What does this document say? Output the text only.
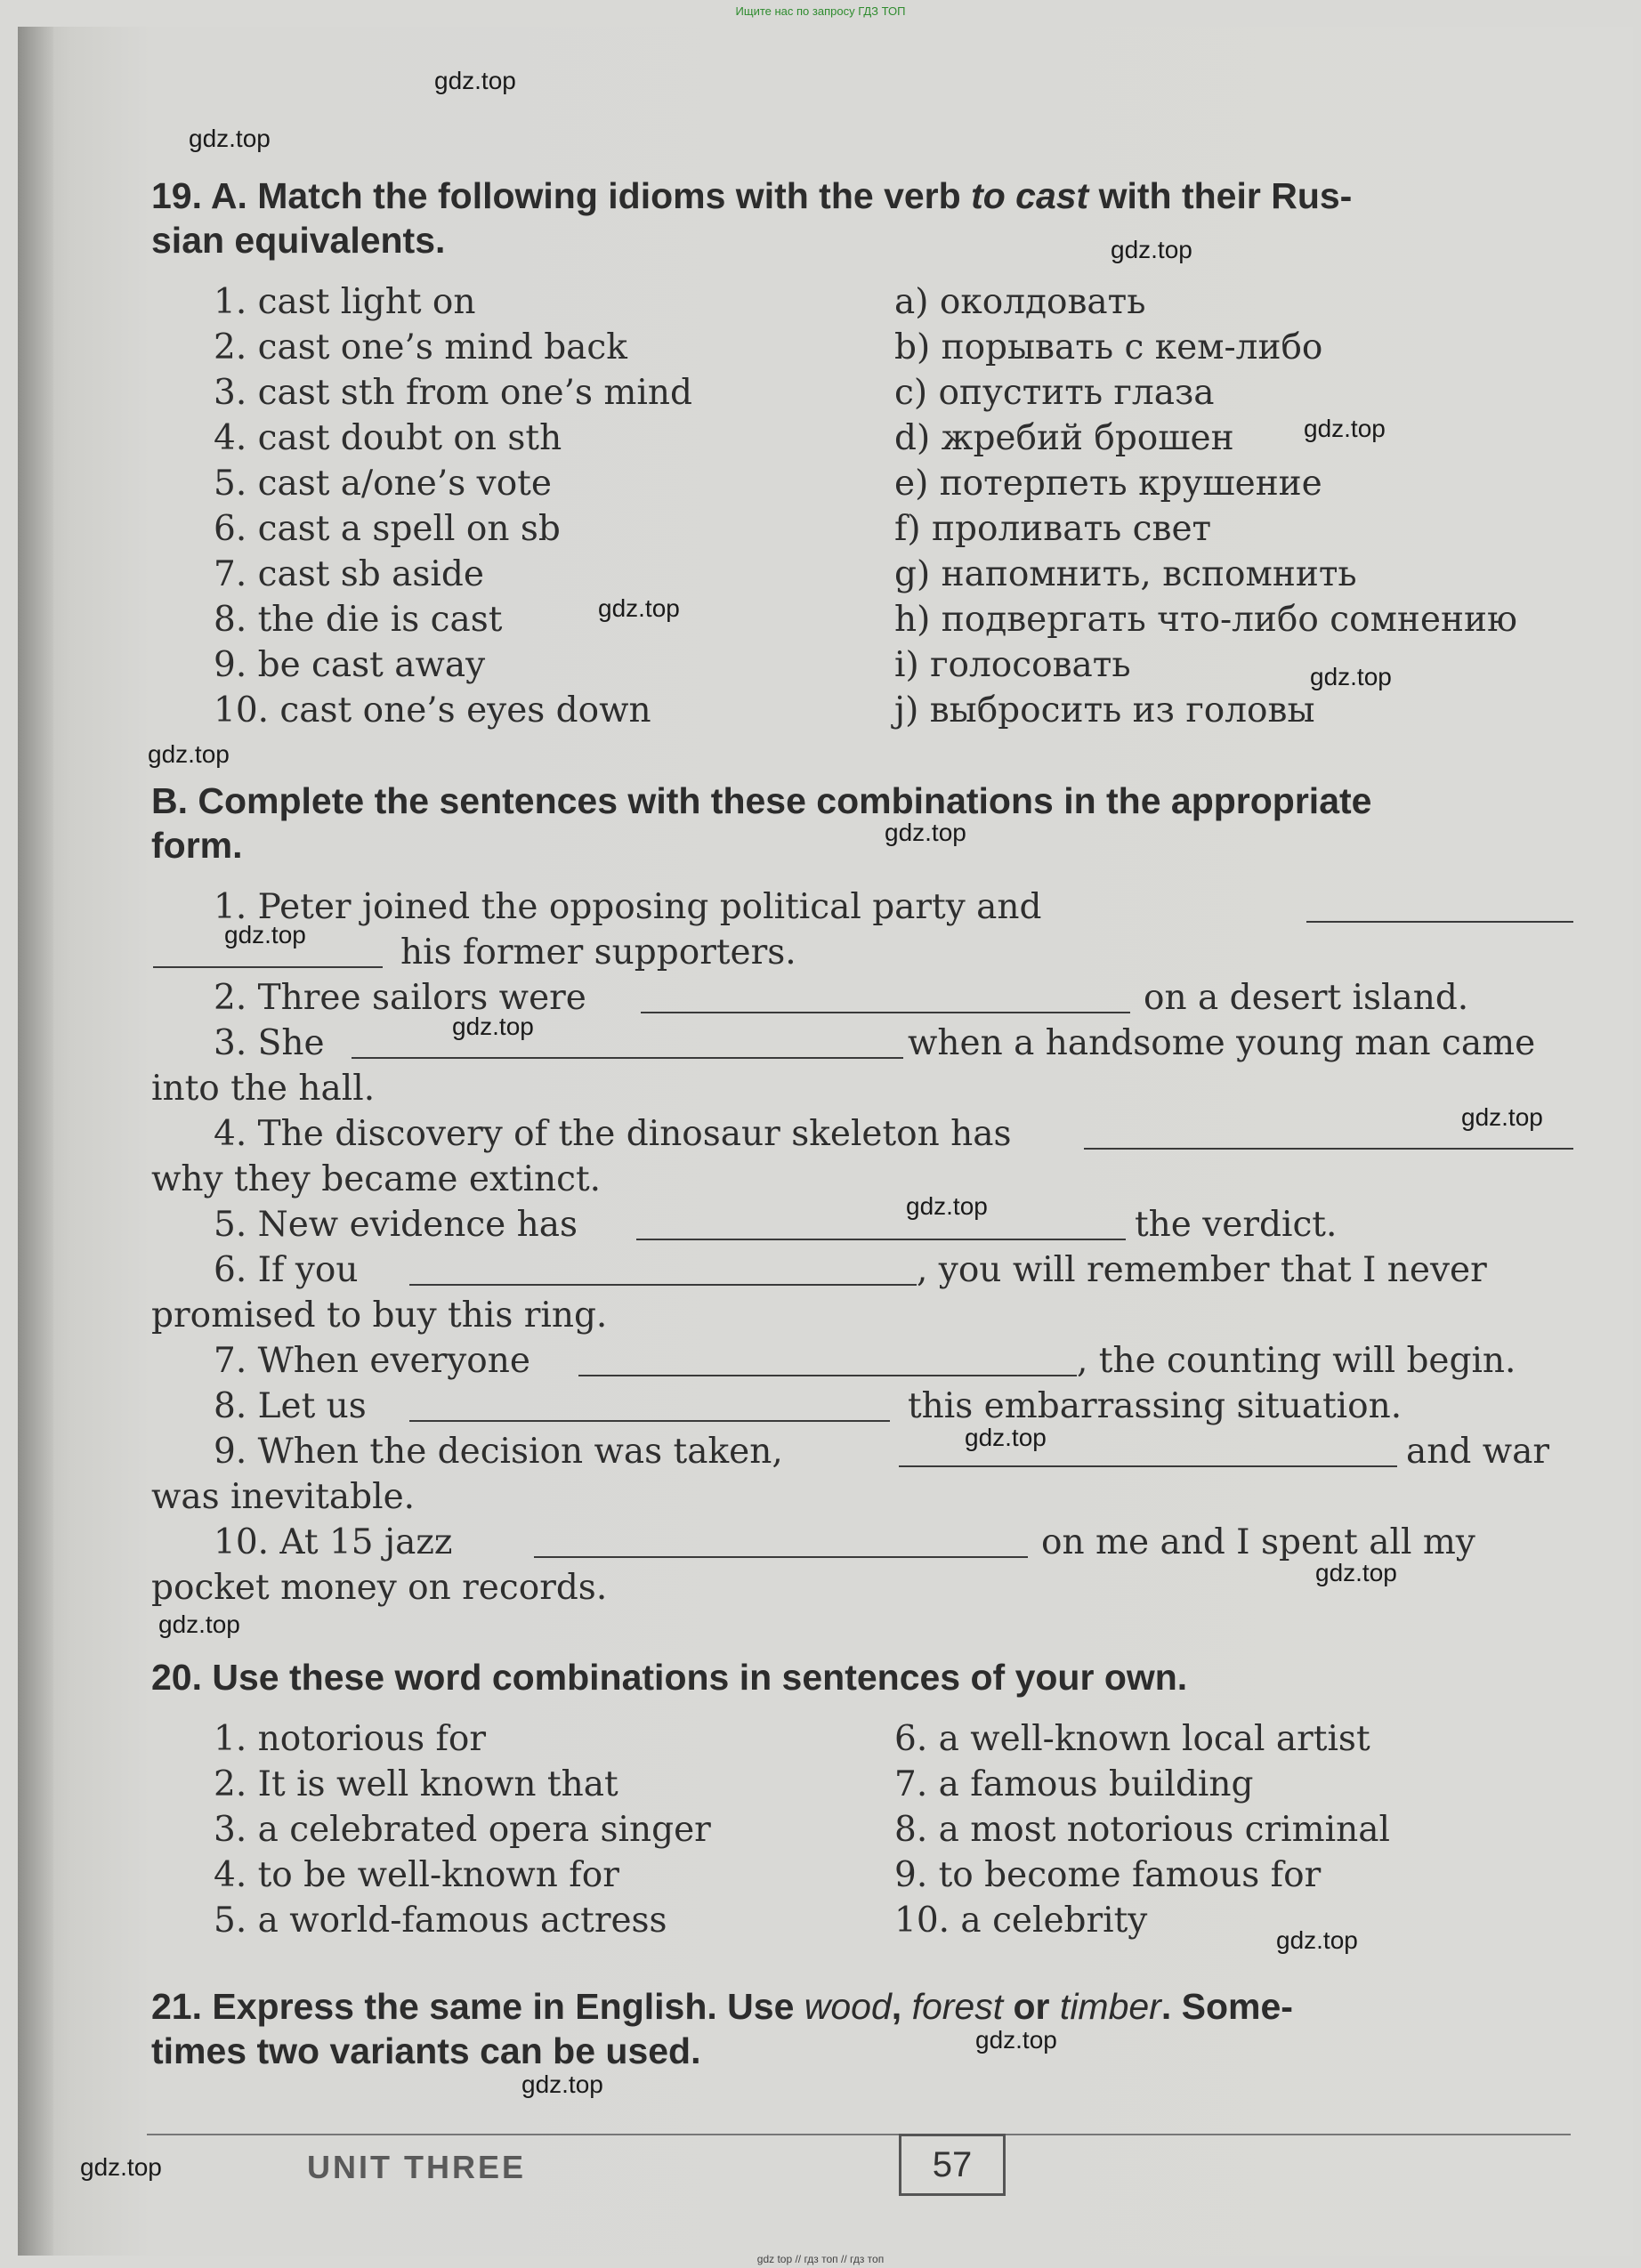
Ищите нас по запросу ГДЗ ТОП
gdz.top
gdz.top
gdz.top
gdz.top
gdz.top
gdz.top
gdz.top
gdz.top
gdz.top
gdz.top
gdz.top
gdz.top
gdz.top
gdz.top
gdz.top
gdz.top
gdz.top
gdz.top
gdz.top
19. A. Match the following idioms with the verb to cast with their Rus-
sian equivalents.
1. cast light on	a) околдовать
2. cast one’s mind back	b) порывать с кем-либо
3. cast sth from one’s mind	c) опустить глаза
4. cast doubt on sth	d) жребий брошен
5. cast a/one’s vote	e) потерпеть крушение
6. cast a spell on sb	f) проливать свет
7. cast sb aside	g) напомнить, вспомнить
8. the die is cast	h) подвергать что-либо сомнению
9. be cast away	i) голосовать
10. cast one’s eyes down	j) выбросить из головы
B. Complete the sentences with these combinations in the appropriate
form.
1. Peter joined the opposing political party and
his former supporters.
2. Three sailors were	on a desert island.
3. She	when a handsome young man came
into the hall.
4. The discovery of the dinosaur skeleton has
why they became extinct.
5. New evidence has	the verdict.
6. If you	, you will remember that I never
promised to buy this ring.
7. When everyone	, the counting will begin.
8. Let us	this embarrassing situation.
9. When the decision was taken,	and war
was inevitable.
10. At 15 jazz	on me and I spent all my
pocket money on records.
20. Use these word combinations in sentences of your own.
1. notorious for	6. a well-known local artist
2. It is well known that	7. a famous building
3. a celebrated opera singer	8. a most notorious criminal
4. to be well-known for	9. to become famous for
5. a world-famous actress	10. a celebrity
21. Express the same in English. Use wood, forest or timber. Some-
times two variants can be used.
UNIT THREE	57
gdz top // гдз топ // гдз топ
